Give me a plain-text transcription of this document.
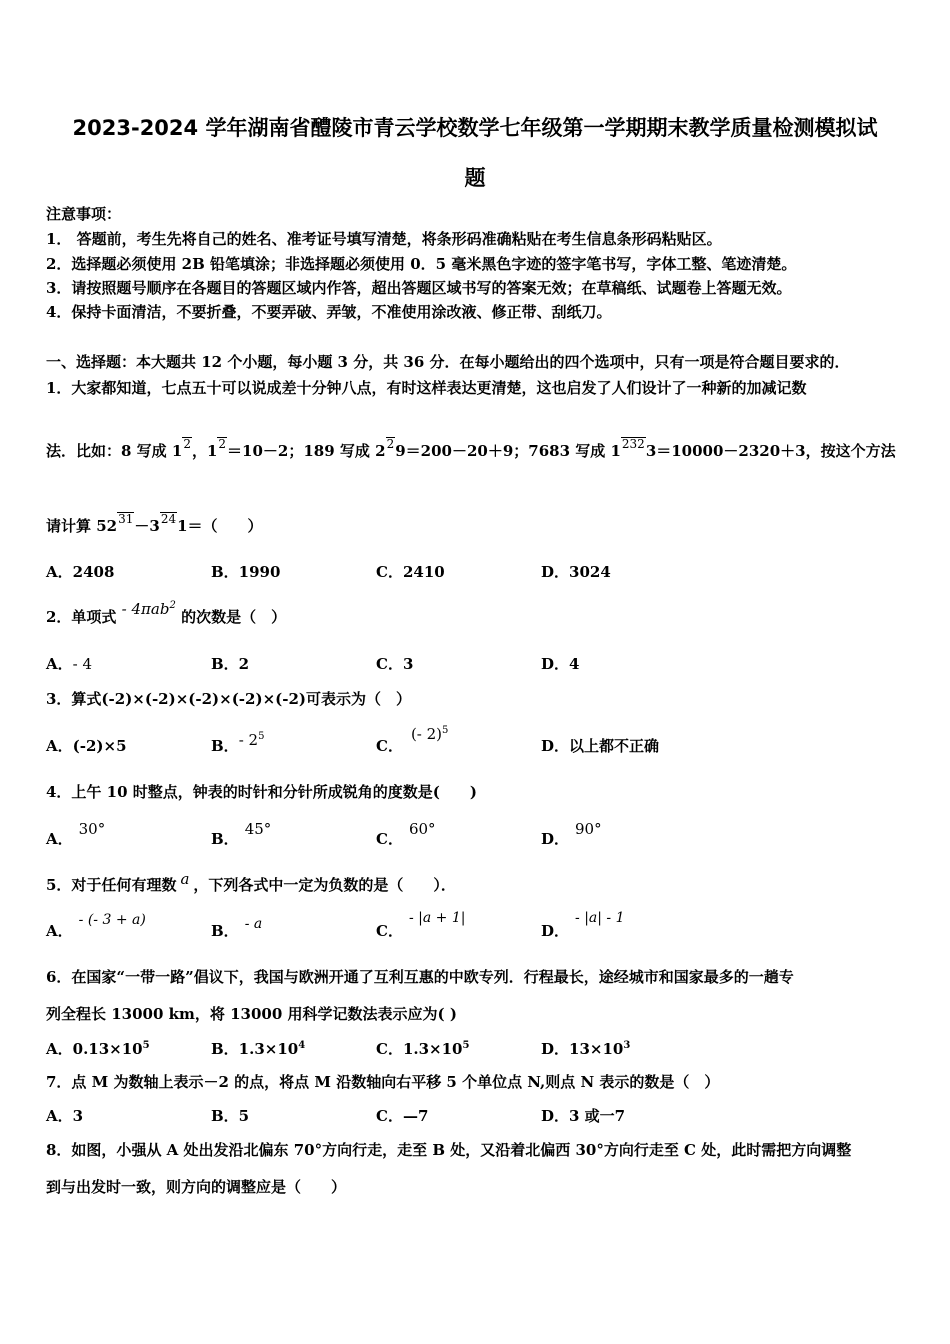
2023-2024 学年湖南省醴陵市青云学校数学七年级第一学期期末教学质量检测模拟试
题
注意事项：
1． 答题前，考生先将自己的姓名、准考证号填写清楚，将条形码准确粘贴在考生信息条形码粘贴区。
2．选择题必须使用 2B 铅笔填涂；非选择题必须使用 0．5 毫米黑色字迹的签字笔书写，字体工整、笔迹清楚。
3．请按照题号顺序在各题目的答题区域内作答，超出答题区域书写的答案无效；在草稿纸、试题卷上答题无效。
4．保持卡面清洁，不要折叠，不要弄破、弄皱，不准使用涂改液、修正带、刮纸刀。
一、选择题：本大题共 12 个小题，每小题 3 分，共 36 分．在每小题给出的四个选项中，只有一项是符合题目要求的．
1．大家都知道，七点五十可以说成差十分钟八点，有时这样表达更清楚，这也启发了人们设计了一种新的加减记数
法．比如：8 写成 12，12＝10－2；189 写成 229＝200－20＋9；7683 写成 12323＝10000－2320＋3，按这个方法
请计算 5231－3241＝（　　）
A．2408	B．1990	C．2410	D．3024
2．单项式 - 4πab$^2$ 的次数是（　）
A．- 4	B．2	C．3	D．4
3．算式(-2)×(-2)×(-2)×(-2)×(-2)可表示为（　）
A．(-2)×5	B．- $2^5$
C．(- 2)$^5$
D．以上都不正确
4．上午 10 时整点，钟表的时针和分针所成锐角的度数是(　　)
A．30°
B．45°
C．60°
D．90°
5．对于任何有理数 a ，下列各式中一定为负数的是（　　）．
A．- (- 3 + a)
B． - a	C．- |a + 1|
D．- |a| - 1
6．在国家“一带一路”倡议下，我国与欧洲开通了互利互惠的中欧专列．行程最长，途经城市和国家最多的一趟专
列全程长 13000 km，将 13000 用科学记数法表示应为( )
A．$0.13\times 10^5$	B．$1.3\times 10^4$	C．$1.3\times 10^5$	D．$13\times 10^3$
7．点 M 为数轴上表示－2 的点，将点 M 沿数轴向右平移 5 个单位点 N,则点 N 表示的数是（　）
A．3	B．5	C．—7	D．3 或一7
8．如图，小强从 A 处出发沿北偏东 70°方向行走，走至 B 处，又沿着北偏西 30°方向行走至 C 处，此时需把方向调整
到与出发时一致，则方向的调整应是（　　）
